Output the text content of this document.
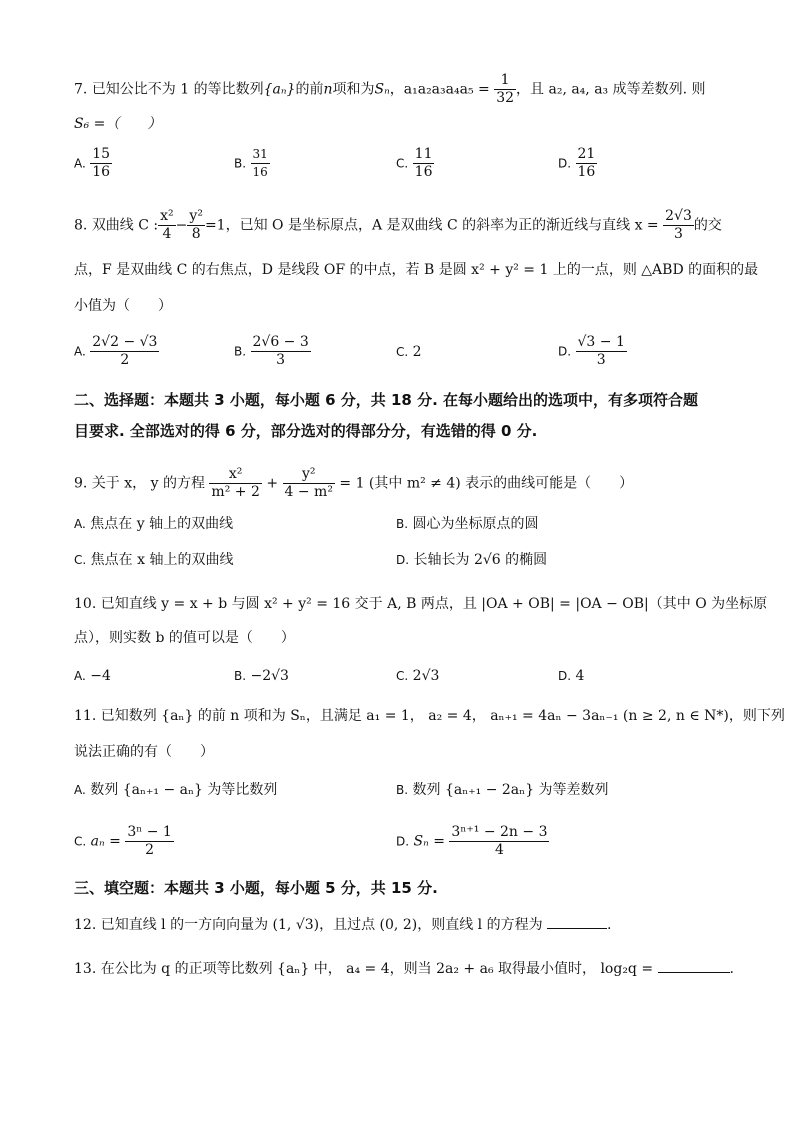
7. 已知公比不为 1 的等比数列{aₙ}的前n项和为Sₙ，$a_1a_2a_3a_4a_5 = \frac{1}{32}$ ，且 a₂, a₄, a₃ 成等差数列. 则
S₆ =（　　）
A. $\frac{15}{16}$	B. $\frac{31}{16}$	C. $\frac{11}{16}$	D. $\frac{21}{16}$
8. 双曲线 C : $\frac{\text{x²}}{4} - \frac{\text{y²}}{8} =1$，已知 O 是坐标原点，A 是双曲线 C 的斜率为正的渐近线与直线 $x = \frac{2√3}{3}$ 的交
点，F 是双曲线 C 的右焦点，D 是线段 OF 的中点，若 B 是圆 x² + y² = 1 上的一点，则 △ABD 的面积的最
小值为（　　）
A. $\frac{2√2 - √3}{2}$	B. $\frac{2√6 - 3}{3}$	C. 2	D. $\frac{√3 - 1}{3}$
二、选择题：本题共 3 小题，每小题 6 分，共 18 分. 在每小题给出的选项中，有多项符合题
目要求. 全部选对的得 6 分，部分选对的得部分分，有选错的得 0 分.
9. 关于 x， y 的方程 $\frac{\text{x²}}{\text{m² + 2}} + \frac{\text{y²}}{\text{4 − m²}} = 1$ (其中 m² ≠ 4) 表示的曲线可能是（　　）
A. 焦点在 y 轴上的双曲线	B. 圆心为坐标原点的圆
C. 焦点在 x 轴上的双曲线	D. 长轴长为 2√6 的椭圆
10. 已知直线 y = x + b 与圆 x² + y² = 16 交于 A, B 两点，且 |OA + OB| = |OA − OB|（其中 O 为坐标原
点），则实数 b 的值可以是（　　）
A. −4	B. −2√3	C. 2√3	D. 4
11. 已知数列 {aₙ} 的前 n 项和为 Sₙ，且满足 a₁ = 1， a₂ = 4， aₙ₊₁ = 4aₙ − 3aₙ₋₁ (n ≥ 2, n ∈ N*)，则下列
说法正确的有（　　）
A. 数列 {aₙ₊₁ − aₙ} 为等比数列	B. 数列 {aₙ₊₁ − 2aₙ} 为等差数列
C. $a_n = \frac{\text{3ⁿ − 1}}{2}$	D. $S_n = \frac{\text{3ⁿ⁺¹ − 2n − 3}}{4}$
三、填空题：本题共 3 小题，每小题 5 分，共 15 分.
12. 已知直线 l 的一方向向量为 (1, √3)，且过点 (0, 2)，则直线 l 的方程为	.
13. 在公比为 q 的正项等比数列 {aₙ} 中， a₄ = 4，则当 2a₂ + a₆ 取得最小值时， log₂q =	.
